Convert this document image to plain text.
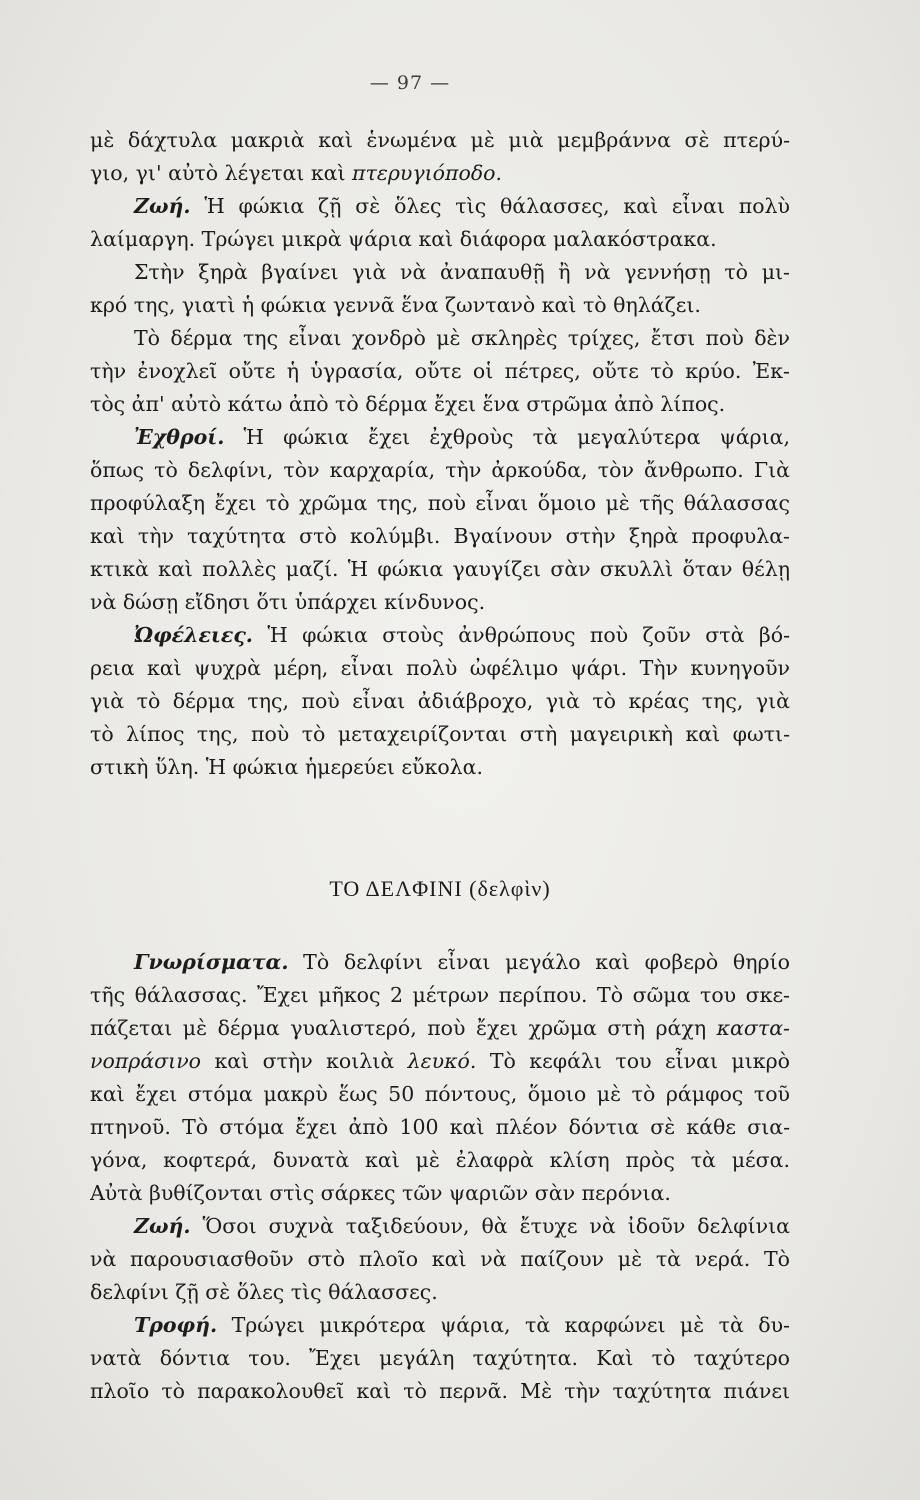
— 97 —
μὲ δάχτυλα μακριὰ καὶ ἑνωμένα μὲ μιὰ μεμβράννα σὲ πτερύ-
γιο, γι' αὐτὸ λέγεται καὶ πτερυγιόποδο.
Ζωή. Ἡ φώκια ζῇ σὲ ὅλες τὶς θάλασσες, καὶ εἶναι πολὺ
λαίμαργη. Τρώγει μικρὰ ψάρια καὶ διάφορα μαλακόστρακα.
Στὴν ξηρὰ βγαίνει γιὰ νὰ ἀναπαυθῇ ἢ νὰ γεννήσῃ τὸ μι-
κρό της, γιατὶ ἡ φώκια γεννᾶ ἕνα ζωντανὸ καὶ τὸ θηλάζει.
Τὸ δέρμα της εἶναι χονδρὸ μὲ σκληρὲς τρίχες, ἔτσι ποὺ δὲν
τὴν ἐνοχλεῖ οὔτε ἡ ὑγρασία, οὔτε οἱ πέτρες, οὔτε τὸ κρύο. Ἐκ-
τὸς ἀπ' αὐτὸ κάτω ἀπὸ τὸ δέρμα ἔχει ἕνα στρῶμα ἀπὸ λίπος.
Ἐχθροί. Ἡ φώκια ἔχει ἐχθροὺς τὰ μεγαλύτερα ψάρια,
ὅπως τὸ δελφίνι, τὸν καρχαρία, τὴν ἀρκούδα, τὸν ἄνθρωπο. Γιὰ
προφύλαξη ἔχει τὸ χρῶμα της, ποὺ εἶναι ὅμοιο μὲ τῆς θάλασσας
καὶ τὴν ταχύτητα στὸ κολύμβι. Βγαίνουν στὴν ξηρὰ προφυλα-
κτικὰ καὶ πολλὲς μαζί. Ἡ φώκια γαυγίζει σὰν σκυλλὶ ὅταν θέλῃ
νὰ δώσῃ εἴδησι ὅτι ὑπάρχει κίνδυνος.
Ὠφέλειες. Ἡ φώκια στοὺς ἀνθρώπους ποὺ ζοῦν στὰ βό-
ρεια καὶ ψυχρὰ μέρη, εἶναι πολὺ ὠφέλιμο ψάρι. Τὴν κυνηγοῦν
γιὰ τὸ δέρμα της, ποὺ εἶναι ἀδιάβροχο, γιὰ τὸ κρέας της, γιὰ
τὸ λίπος της, ποὺ τὸ μεταχειρίζονται στὴ μαγειρικὴ καὶ φωτι-
στικὴ ὕλη. Ἡ φώκια ἡμερεύει εὔκολα.
ΤΟ ΔΕΛΦΙΝΙ (δελφὶν)
Γνωρίσματα. Τὸ δελφίνι εἶναι μεγάλο καὶ φοβερὸ θηρίο
τῆς θάλασσας. Ἔχει μῆκος 2 μέτρων περίπου. Τὸ σῶμα του σκε-
πάζεται μὲ δέρμα γυαλιστερό, ποὺ ἔχει χρῶμα στὴ ράχη καστα-
νοπράσινο καὶ στὴν κοιλιὰ λευκό. Τὸ κεφάλι του εἶναι μικρὸ
καὶ ἔχει στόμα μακρὺ ἕως 50 πόντους, ὅμοιο μὲ τὸ ράμφος τοῦ
πτηνοῦ. Τὸ στόμα ἔχει ἀπὸ 100 καὶ πλέον δόντια σὲ κάθε σια-
γόνα, κοφτερά, δυνατὰ καὶ μὲ ἐλαφρὰ κλίση πρὸς τὰ μέσα.
Αὐτὰ βυθίζονται στὶς σάρκες τῶν ψαριῶν σὰν περόνια.
Ζωή. Ὅσοι συχνὰ ταξιδεύουν, θὰ ἔτυχε νὰ ἰδοῦν δελφίνια
νὰ παρουσιασθοῦν στὸ πλοῖο καὶ νὰ παίζουν μὲ τὰ νερά. Τὸ
δελφίνι ζῇ σὲ ὅλες τὶς θάλασσες.
Τροφή. Τρώγει μικρότερα ψάρια, τὰ καρφώνει μὲ τὰ δυ-
νατὰ δόντια του. Ἔχει μεγάλη ταχύτητα. Καὶ τὸ ταχύτερο
πλοῖο τὸ παρακολουθεῖ καὶ τὸ περνᾶ. Μὲ τὴν ταχύτητα πιάνει
